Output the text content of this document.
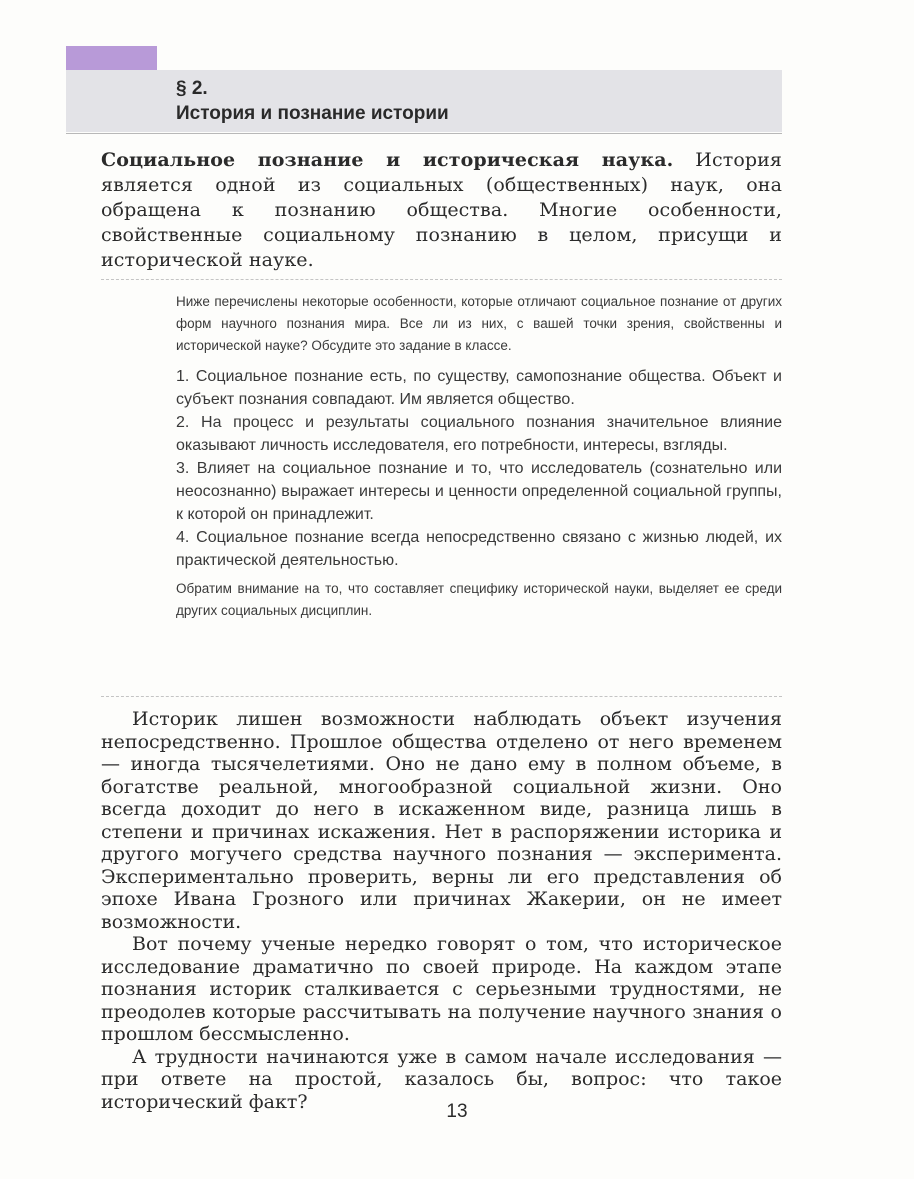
§ 2.
История и познание истории
Социальное познание и историческая наука. История является одной из социальных (общественных) наук, она обращена к познанию общества. Многие особенности, свойственные социальному познанию в целом, присущи и исторической науке.

Ниже перечислены некоторые особенности, которые отличают социальное познание от других форм научного познания мира. Все ли из них, с вашей точки зрения, свойственны и исторической науке? Обсудите это задание в классе.

1. Социальное познание есть, по существу, самопознание общества. Объект и субъект познания совпадают. Им является общество.
2. На процесс и результаты социального познания значительное влияние оказывают личность исследователя, его потребности, интересы, взгляды.
3. Влияет на социальное познание и то, что исследователь (сознательно или неосознанно) выражает интересы и ценности определенной социальной группы, к которой он принадлежит.
4. Социальное познание всегда непосредственно связано с жизнью людей, их практической деятельностью.

Обратим внимание на то, что составляет специфику исторической науки, выделяет ее среди других социальных дисциплин.

Историк лишен возможности наблюдать объект изучения непосредственно. Прошлое общества отделено от него временем — иногда тысячелетиями. Оно не дано ему в полном объеме, в богатстве реальной, многообразной социальной жизни. Оно всегда доходит до него в искаженном виде, разница лишь в степени и причинах искажения. Нет в распоряжении историка и другого могучего средства научного познания — эксперимента. Экспериментально проверить, верны ли его представления об эпохе Ивана Грозного или причинах Жакерии, он не имеет возможности.

Вот почему ученые нередко говорят о том, что историческое исследование драматично по своей природе. На каждом этапе познания историк сталкивается с серьезными трудностями, не преодолев которые рассчитывать на получение научного знания о прошлом бессмысленно.

А трудности начинаются уже в самом начале исследования — при ответе на простой, казалось бы, вопрос: что такое исторический факт?	13
